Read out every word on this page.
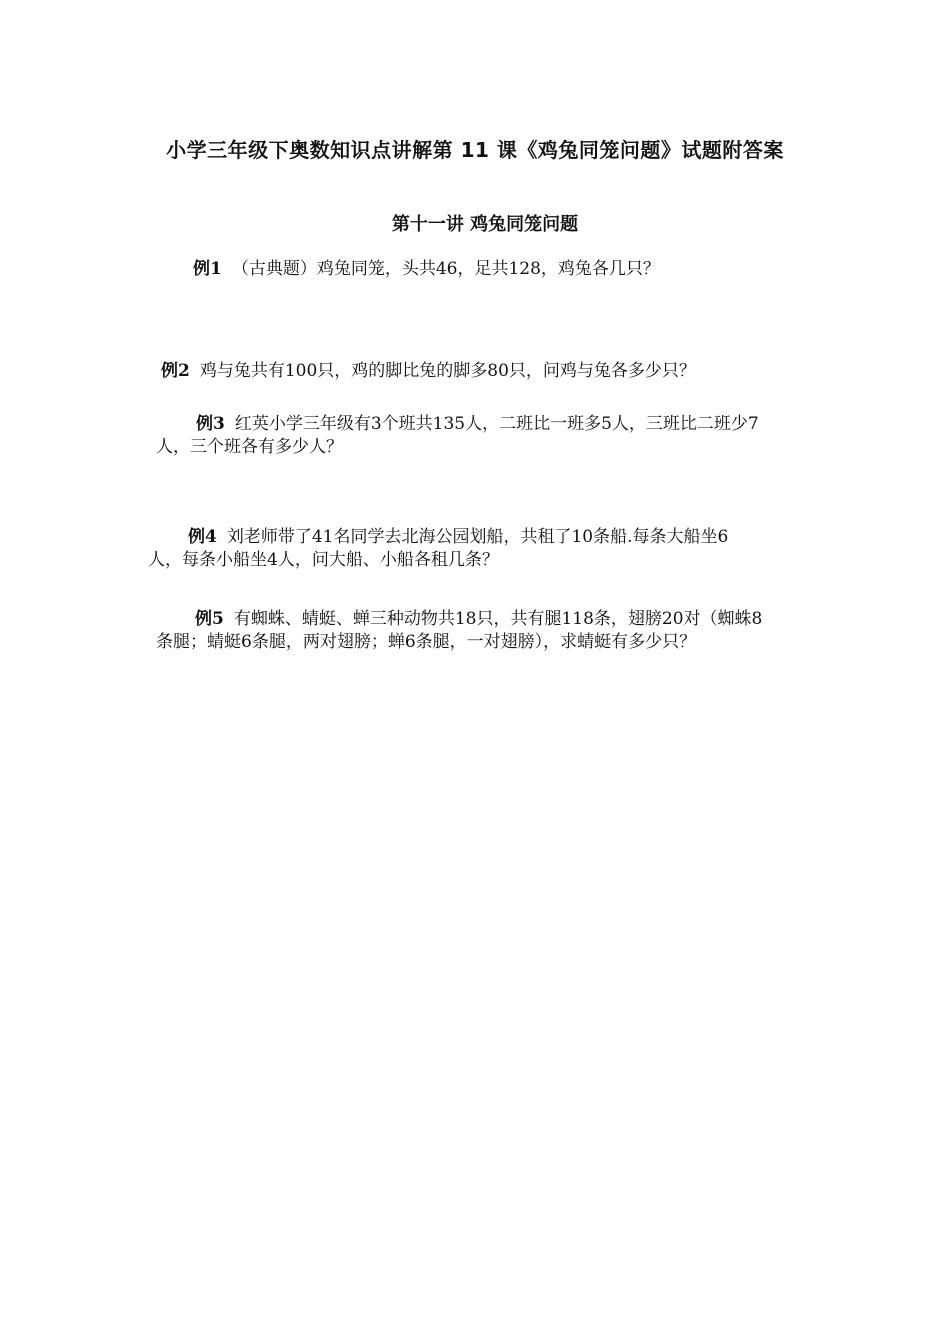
小学三年级下奥数知识点讲解第 11 课《鸡兔同笼问题》试题附答案
第十一讲 鸡兔同笼问题
例1 （古典题）鸡兔同笼，头共46，足共128，鸡兔各几只？
例2 鸡与兔共有100只，鸡的脚比兔的脚多80只，问鸡与兔各多少只？
例3 红英小学三年级有3个班共135人，二班比一班多5人，三班比二班少7
人，三个班各有多少人？
例4 刘老师带了41名同学去北海公园划船，共租了10条船.每条大船坐6
人，每条小船坐4人，问大船、小船各租几条？
例5 有蜘蛛、蜻蜓、蝉三种动物共18只，共有腿118条，翅膀20对（蜘蛛8
条腿；蜻蜓6条腿，两对翅膀；蝉6条腿，一对翅膀），求蜻蜓有多少只？
